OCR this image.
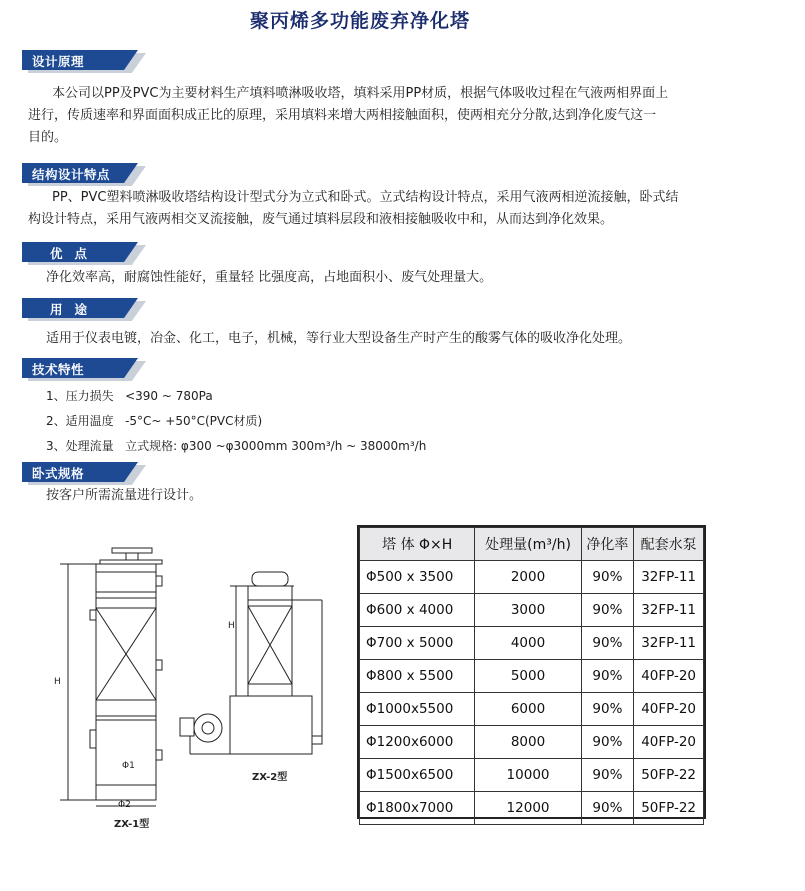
聚丙烯多功能废弃净化塔
设计原理
本公司以PP及PVC为主要材料生产填料喷淋吸收塔，填料采用PP材质，根据气体吸收过程在气液两相界面上
进行，传质速率和界面面积成正比的原理，采用填料来增大两相接触面积，使两相充分分散,达到净化废气这一
目的。
结构设计特点
PP、PVC塑料喷淋吸收塔结构设计型式分为立式和卧式。立式结构设计特点，采用气液两相逆流接触，卧式结
构设计特点，采用气液两相交叉流接触，废气通过填料层段和液相接触吸收中和，从而达到净化效果。
优点
净化效率高，耐腐蚀性能好，重量轻 比强度高，占地面积小、废气处理量大。
用途
适用于仪表电镀，冶金、化工，电子，机械，等行业大型设备生产时产生的酸雾气体的吸收净化处理。
技术特性
1、压力损失   <390 ~ 780Pa
2、适用温度   -5°C~ +50°C(PVC材质)
3、处理流量   立式规格: φ300 ~φ3000mm 300m³/h ~ 38000m³/h
卧式规格
按客户所需流量进行设计。
H
Φ1
Φ2
H
ZX-1型
ZX-2型
塔 体 Φ×H	处理量(m³/h)	净化率	配套水泵
Φ500 x 3500	2000	90%	32FP-11
Φ600 x 4000	3000	90%	32FP-11
Φ700 x 5000	4000	90%	32FP-11
Φ800 x 5500	5000	90%	40FP-20
Φ1000x5500	6000	90%	40FP-20
Φ1200x6000	8000	90%	40FP-20
Φ1500x6500	10000	90%	50FP-22
Φ1800x7000	12000	90%	50FP-22
